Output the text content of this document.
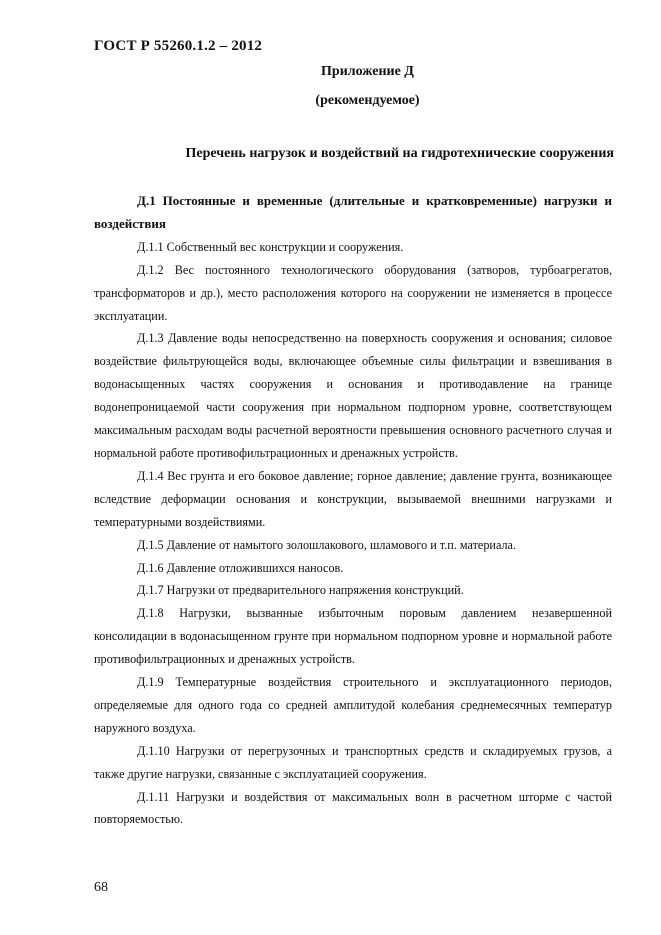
ГОСТ Р 55260.1.2 – 2012
Приложение Д
(рекомендуемое)
Перечень нагрузок и воздействий на гидротехнические сооружения

Д.1 Постоянные и временные (длительные и кратковременные) нагрузки и воздействия

Д.1.1 Собственный вес конструкции и сооружения.

Д.1.2 Вес постоянного технологического оборудования (затворов, турбоагрегатов, трансформаторов и др.), место расположения которого на сооружении не изменяется в процессе эксплуатации.

Д.1.3 Давление воды непосредственно на поверхность сооружения и основания; силовое воздействие фильтрующейся воды, включающее объемные силы фильтрации и взвешивания в водонасыщенных частях сооружения и основания и противодавление на границе водонепроницаемой части сооружения при нормальном подпорном уровне, соответствующем максимальным расходам воды расчетной вероятности превышения основного расчетного случая и нормальной работе противофильтрационных и дренажных устройств.

Д.1.4 Вес грунта и его боковое давление; горное давление; давление грунта, возникающее вследствие деформации основания и конструкции, вызываемой внешними нагрузками и температурными воздействиями.

Д.1.5 Давление от намытого золошлакового, шламового и т.п. материала.

Д.1.6 Давление отложившихся наносов.

Д.1.7 Нагрузки от предварительного напряжения конструкций.

Д.1.8 Нагрузки, вызванные избыточным поровым давлением незавершенной консолидации в водонасыщенном грунте при нормальном подпорном уровне и нормальной работе противофильтрационных и дренажных устройств.

Д.1.9 Температурные воздействия строительного и эксплуатационного периодов, определяемые для одного года со средней амплитудой колебания среднемесячных температур наружного воздуха.

Д.1.10 Нагрузки от перегрузочных и транспортных средств и складируемых грузов, а также другие нагрузки, связанные с эксплуатацией сооружения.

Д.1.11 Нагрузки и воздействия от максимальных волн в расчетном шторме с частой повторяемостью.

68
